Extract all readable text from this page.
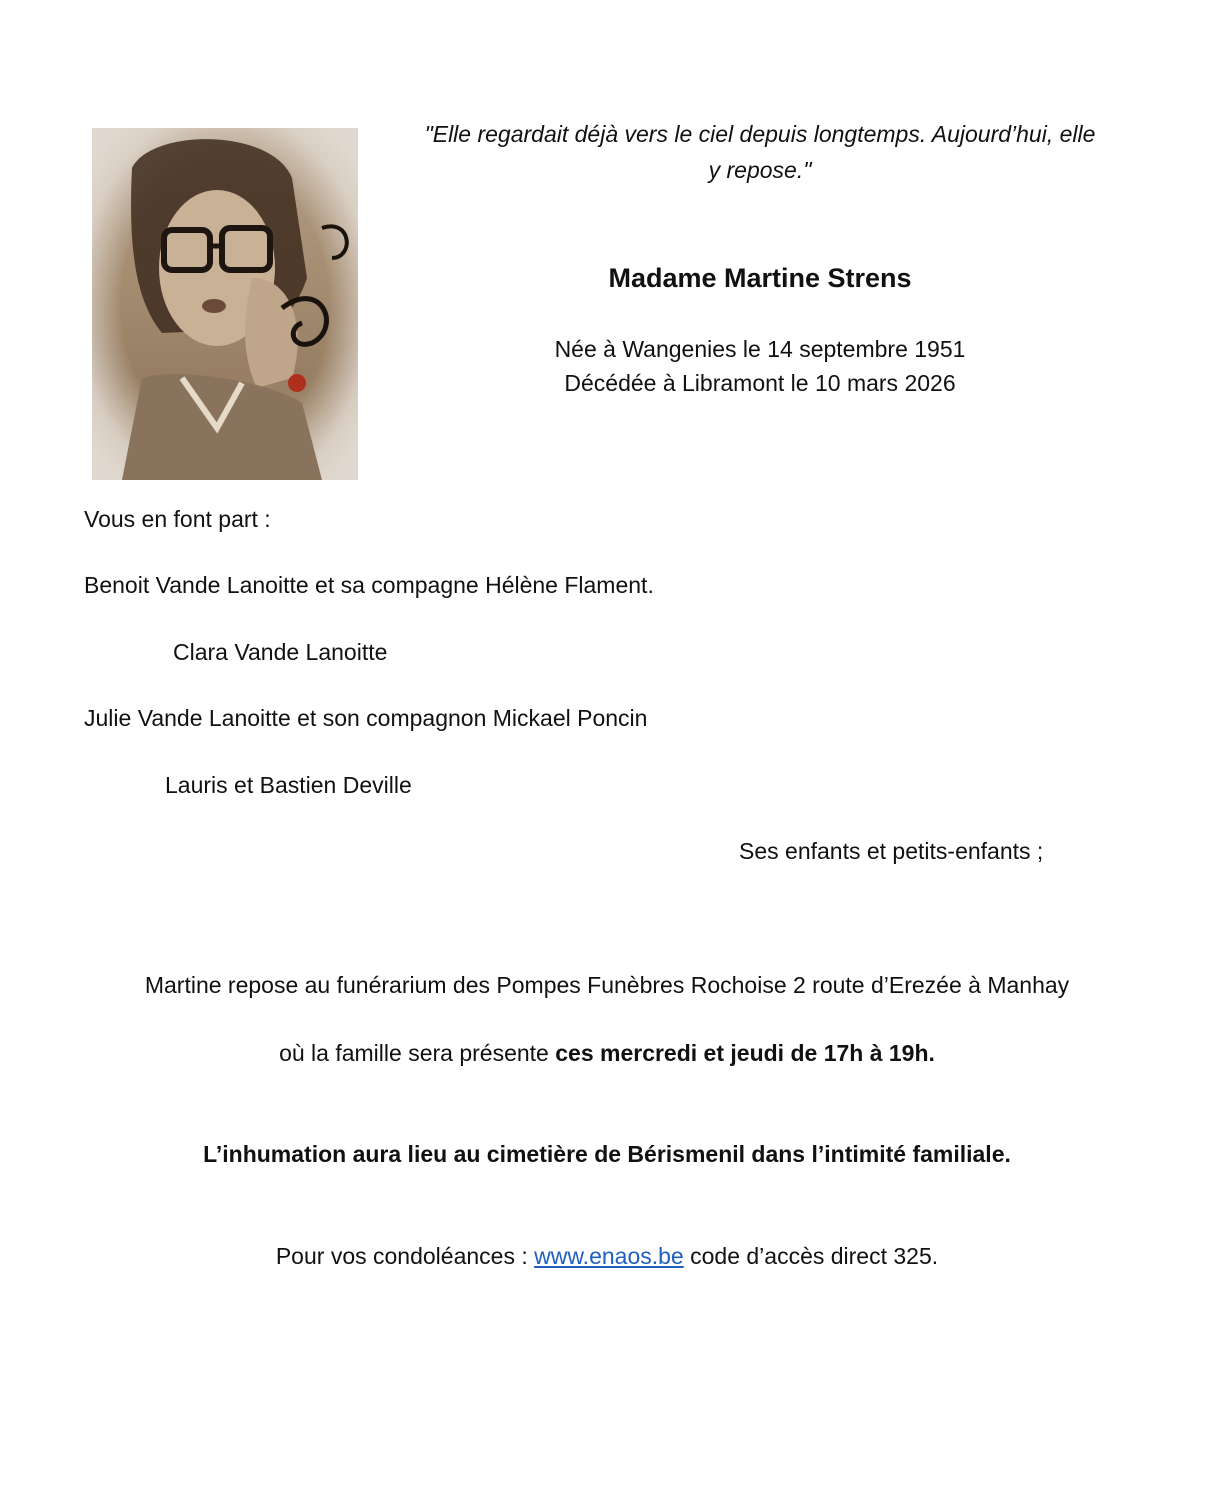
"Elle regardait déjà vers le ciel depuis longtemps. Aujourd’hui, elle
y repose."
Madame Martine Strens
Née à Wangenies le 14 septembre 1951
Décédée à Libramont le 10 mars 2026
Vous en font part :
Benoit Vande Lanoitte et sa compagne Hélène Flament.
Clara Vande Lanoitte
Julie Vande Lanoitte et son compagnon Mickael Poncin
Lauris et Bastien Deville
Ses enfants et petits-enfants ;
Martine repose au funérarium des Pompes Funèbres Rochoise 2 route d’Erezée à Manhay
où la famille sera présente ces mercredi et jeudi de 17h à 19h.
L’inhumation aura lieu au cimetière de Bérismenil dans l’intimité familiale.
Pour vos condoléances : www.enaos.be code d’accès direct 325.
